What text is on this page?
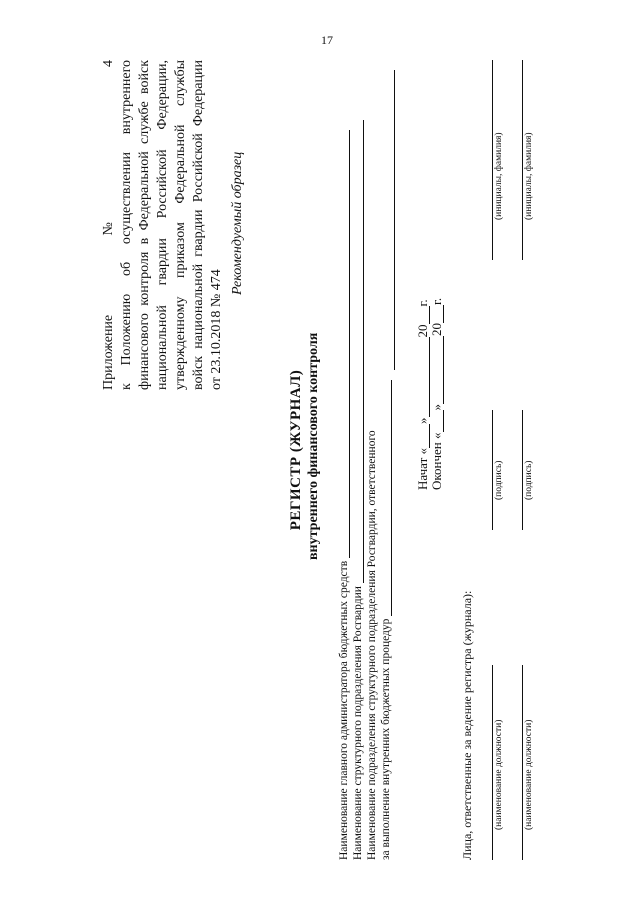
17
Приложение № 4 к Положению об осуществлении внутреннего финансового контроля в Федеральной службе войск национальной гвардии Российской Федерации, утвержденному приказом Федеральной службы войск национальной гвардии Российской Федерации от 23.10.2018 № 474
Рекомендуемый образец
РЕГИСТР (ЖУРНАЛ) внутреннего финансового контроля
Наименование главного администратора бюджетных средств Наименование структурного подразделения Росгвардии Наименование подразделения структурного подразделения Росгвардии, ответственного за выполнение внутренних бюджетных процедур
Начат «
»
20
г.
Окончен «
»
20
г.
Лица, ответственные за ведение регистра (журнала): (наименование должности)
(подпись)
(инициалы, фамилия)
(наименование должности)
(подпись)
(инициалы, фамилия)
